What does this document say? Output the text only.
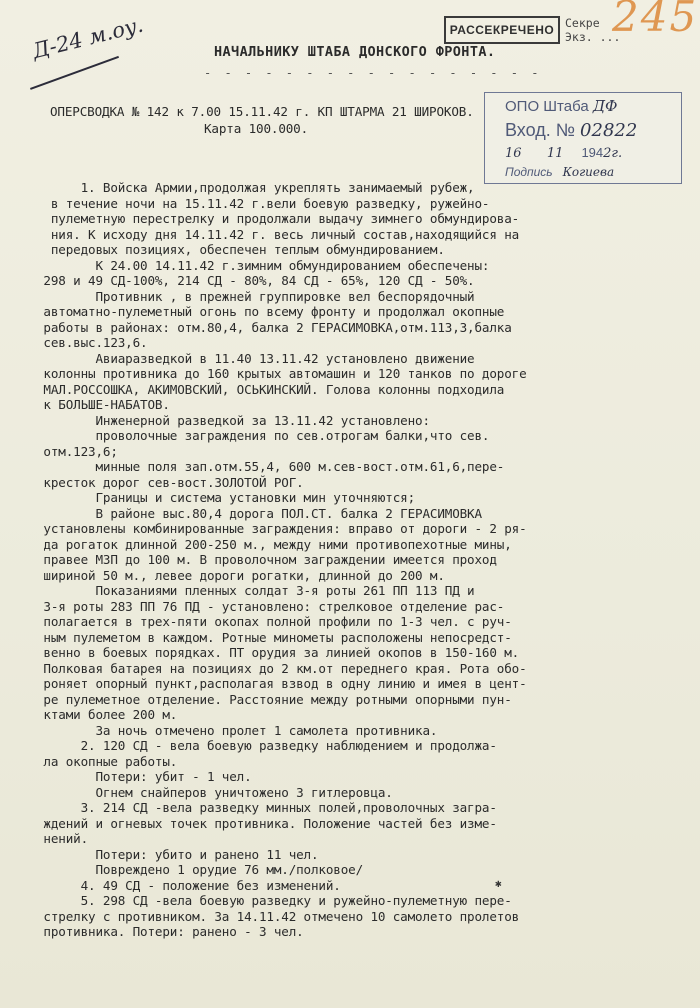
245
Д-24 м.оу.	РАССЕКРЕЧЕНО Секре
Экз. ...
НАЧАЛЬНИКУ ШТАБА ДОНСКОГО ФРОНТА.
- - - - - - - - - - - - - - - - -
ОПО Штаба ДФ
Вход. № 02822
16 11 1942г.
Подпись Когиева
ОПЕРСВОДКА № 142 к 7.00 15.11.42 г. КП ШТАРМА 21 ШИРОКОВ.
Карта 100.000.
1. Войска Армии,продолжая укреплять занимаемый рубеж,
в течение ночи на 15.11.42 г.вели боевую разведку, ружейно-
пулеметную перестрелку и продолжали выдачу зимнего обмундирова-
ния. К исходу дня 14.11.42 г. весь личный состав,находящийся на
передовых позициях, обеспечен теплым обмундированием.
К 24.00 14.11.42 г.зимним обмундированием обеспечены:
298 и 49 СД-100%, 214 СД - 80%, 84 СД - 65%, 120 СД - 50%.
Противник , в прежней группировке вел беспорядочный
автоматно-пулеметный огонь по всему фронту и продолжал окопные
работы в районах: отм.80,4, балка 2 ГЕРАСИМОВКА,отм.113,3,балка
сев.выс.123,6.
Авиаразведкой в 11.40 13.11.42 установлено движение
колонны противника до 160 крытых автомашин и 120 танков по дороге
МАЛ.РОССОШКА, АКИМОВСКИЙ, ОСЬКИНСКИЙ. Голова колонны подходила
к БОЛЬШЕ-НАБАТОВ.
Инженерной разведкой за 13.11.42 установлено:
проволочные заграждения по сев.отрогам балки,что сев.
отм.123,6;
минные поля зап.отм.55,4, 600 м.сев-вост.отм.61,6,пере-
кресток дорог сев-вост.ЗОЛОТОЙ РОГ.
Границы и система установки мин уточняются;
В районе выс.80,4 дорога ПОЛ.СТ. балка 2 ГЕРАСИМОВКА
установлены комбинированные заграждения: вправо от дороги - 2 ря-
да рогаток длинной 200-250 м., между ними противопехотные мины,
правее МЗП до 100 м. В проволочном заграждении имеется проход
шириной 50 м., левее дороги рогатки, длинной до 200 м.
Показаниями пленных солдат 3-я роты 261 ПП 113 ПД и
3-я роты 283 ПП 76 ПД - установлено: стрелковое отделение рас-
полагается в трех-пяти окопах полной профили по 1-3 чел. с руч-
ным пулеметом в каждом. Ротные минометы расположены непосредст-
венно в боевых порядках. ПТ орудия за линией окопов в 150-160 м.
Полковая батарея на позициях до 2 км.от переднего края. Рота обо-
роняет опорный пункт,располагая взвод в одну линию и имея в цент-
ре пулеметное отделение. Расстояние между ротными опорными пун-
ктами более 200 м.
За ночь отмечено пролет 1 самолета противника.
2. 120 СД - вела боевую разведку наблюдением и продолжа-
ла окопные работы.
Потери: убит - 1 чел.
Огнем снайперов уничтожено 3 гитлеровца.
3. 214 СД -вела разведку минных полей,проволочных загра-
ждений и огневых точек противника. Положение частей без изме-
нений.
Потери: убито и ранено 11 чел.
Повреждено 1 орудие 76 мм./полковое/
4. 49 СД - положение без изменений.
5. 298 СД -вела боевую разведку и ружейно-пулеметную пере-
стрелку с противником. За 14.11.42 отмечено 10 самолето пролетов
противника. Потери: ранено - 3 чел.
✱
